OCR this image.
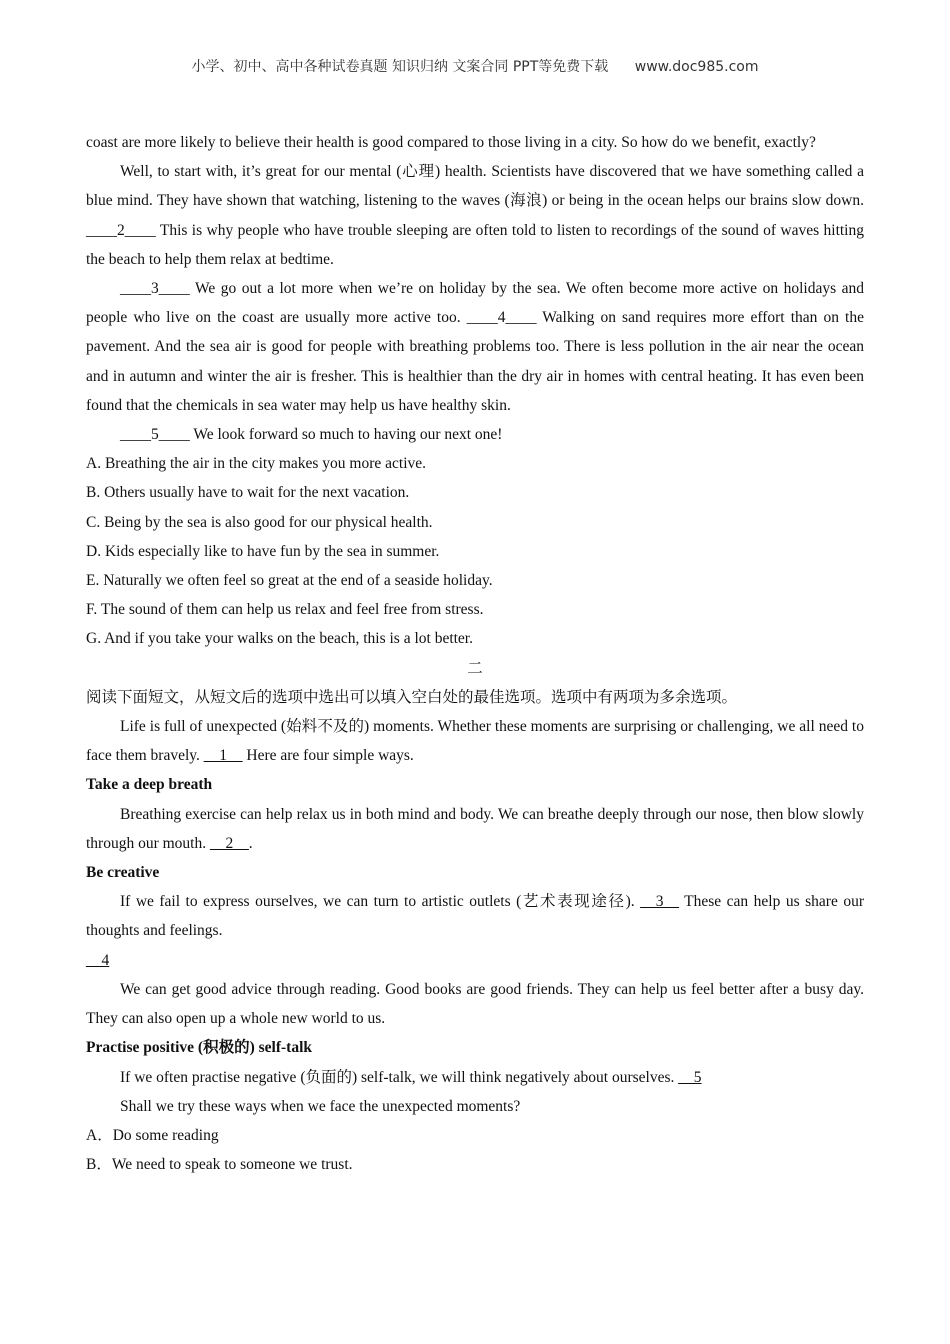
小学、初中、高中各种试卷真题 知识归纳 文案合同 PPT等免费下载 www.doc985.com

coast are more likely to believe their health is good compared to those living in a city. So how do we benefit, exactly?

Well, to start with, it’s great for our mental (心理) health. Scientists have discovered that we have something called a blue mind. They have shown that watching, listening to the waves (海浪) or being in the ocean helps our brains slow down. ____2____ This is why people who have trouble sleeping are often told to listen to recordings of the sound of waves hitting the beach to help them relax at bedtime.

____3____ We go out a lot more when we’re on holiday by the sea. We often become more active on holidays and people who live on the coast are usually more active too. ____4____ Walking on sand requires more effort than on the pavement. And the sea air is good for people with breathing problems too. There is less pollution in the air near the ocean and in autumn and winter the air is fresher. This is healthier than the dry air in homes with central heating. It has even been found that the chemicals in sea water may help us have healthy skin.

____5____ We look forward so much to having our next one!

A. Breathing the air in the city makes you more active.

B. Others usually have to wait for the next vacation.

C. Being by the sea is also good for our physical health.

D. Kids especially like to have fun by the sea in summer.

E. Naturally we often feel so great at the end of a seaside holiday.

F. The sound of them can help us relax and feel free from stress.

G. And if you take your walks on the beach, this is a lot better.

二

阅读下面短文，从短文后的选项中选出可以填入空白处的最佳选项。选项中有两项为多余选项。

Life is full of unexpected (始料不及的) moments. Whether these moments are surprising or challenging, we all need to face them bravely. __1__ Here are four simple ways.

Take a deep breath

Breathing exercise can help relax us in both mind and body. We can breathe deeply through our nose, then blow slowly through our mouth. __2__.

Be creative

If we fail to express ourselves, we can turn to artistic outlets (艺术表现途径). __3__ These can help us share our thoughts and feelings.

__4

We can get good advice through reading. Good books are good friends. They can help us feel better after a busy day. They can also open up a whole new world to us.

Practise positive (积极的) self-talk

If we often practise negative (负面的) self-talk, we will think negatively about ourselves. __5

Shall we try these ways when we face the unexpected moments?

A．Do some reading

B．We need to speak to someone we trust.
